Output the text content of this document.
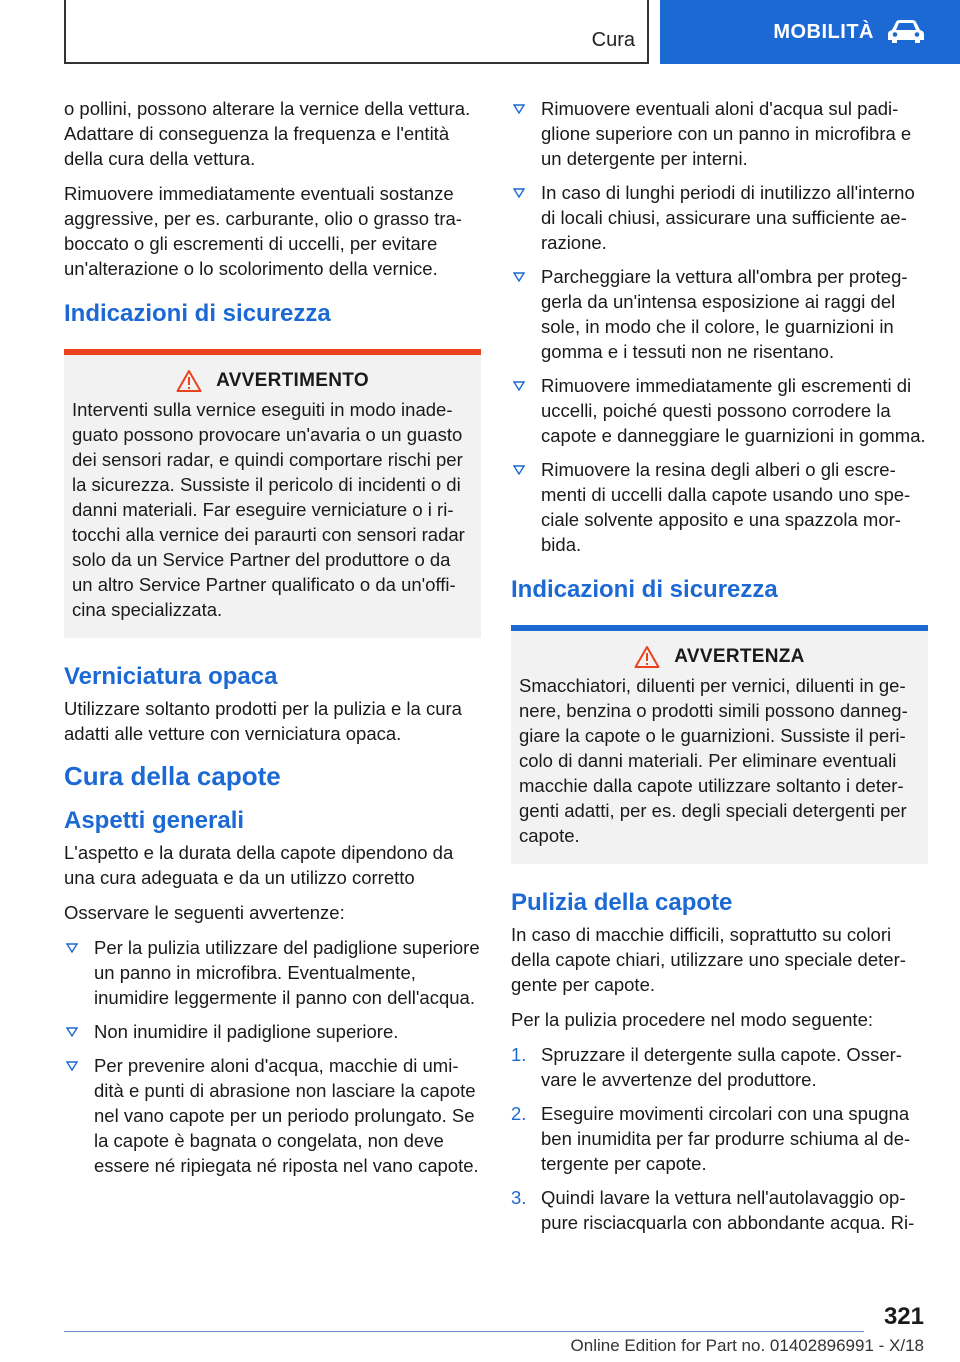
Cura	MOBILITÀ

o pollini, possono alterare la vernice della vettura. Adattare di conseguenza la frequenza e l'entità della cura della vettura.

Rimuovere immediatamente eventuali sostanze aggressive, per es. carburante, olio o grasso traboccato o gli escrementi di uccelli, per evitare un'alterazione o lo scolorimento della vernice.

Indicazioni di sicurezza
AVVERTIMENTO
Interventi sulla vernice eseguiti in modo inadeguato possono provocare un'avaria o un guasto dei sensori radar, e quindi comportare rischi per la sicurezza. Sussiste il pericolo di incidenti o di danni materiali. Far eseguire verniciature o i ritocchi alla vernice dei paraurti con sensori radar solo da un Service Partner del produttore o da un altro Service Partner qualificato o da un'officina specializzata.
Verniciatura opaca

Utilizzare soltanto prodotti per la pulizia e la cura adatti alle vetture con verniciatura opaca.

Cura della capote
Aspetti generali

L'aspetto e la durata della capote dipendono da una cura adeguata e da un utilizzo corretto

Osservare le seguenti avvertenze:

Per la pulizia utilizzare del padiglione superiore un panno in microfibra. Eventualmente, inumidire leggermente il panno con dell'acqua.
Non inumidire il padiglione superiore.
Per prevenire aloni d'acqua, macchie di umidità e punti di abrasione non lasciare la capote nel vano capote per un periodo prolungato. Se la capote è bagnata o congelata, non deve essere né ripiegata né riposta nel vano capote.
Rimuovere eventuali aloni d'acqua sul padiglione superiore con un panno in microfibra e un detergente per interni.
In caso di lunghi periodi di inutilizzo all'interno di locali chiusi, assicurare una sufficiente aerazione.
Parcheggiare la vettura all'ombra per proteggerla da un'intensa esposizione ai raggi del sole, in modo che il colore, le guarnizioni in gomma e i tessuti non ne risentano.
Rimuovere immediatamente gli escrementi di uccelli, poiché questi possono corrodere la capote e danneggiare le guarnizioni in gomma.
Rimuovere la resina degli alberi o gli escrementi di uccelli dalla capote usando uno speciale solvente apposito e una spazzola morbida.
Indicazioni di sicurezza
AVVERTENZA
Smacchiatori, diluenti per vernici, diluenti in genere, benzina o prodotti simili possono danneggiare la capote o le guarnizioni. Sussiste il pericolo di danni materiali. Per eliminare eventuali macchie dalla capote utilizzare soltanto i detergenti adatti, per es. degli speciali detergenti per capote.
Pulizia della capote

In caso di macchie difficili, soprattutto su colori della capote chiari, utilizzare uno speciale detergente per capote.

Per la pulizia procedere nel modo seguente:

1. Spruzzare il detergente sulla capote. Osservare le avvertenze del produttore.
2. Eseguire movimenti circolari con una spugna ben inumidita per far produrre schiuma al detergente per capote.
3. Quindi lavare la vettura nell'autolavaggio oppure risciacquarla con abbondante acqua. Ri-
321
Online Edition for Part no. 01402896991 - X/18
